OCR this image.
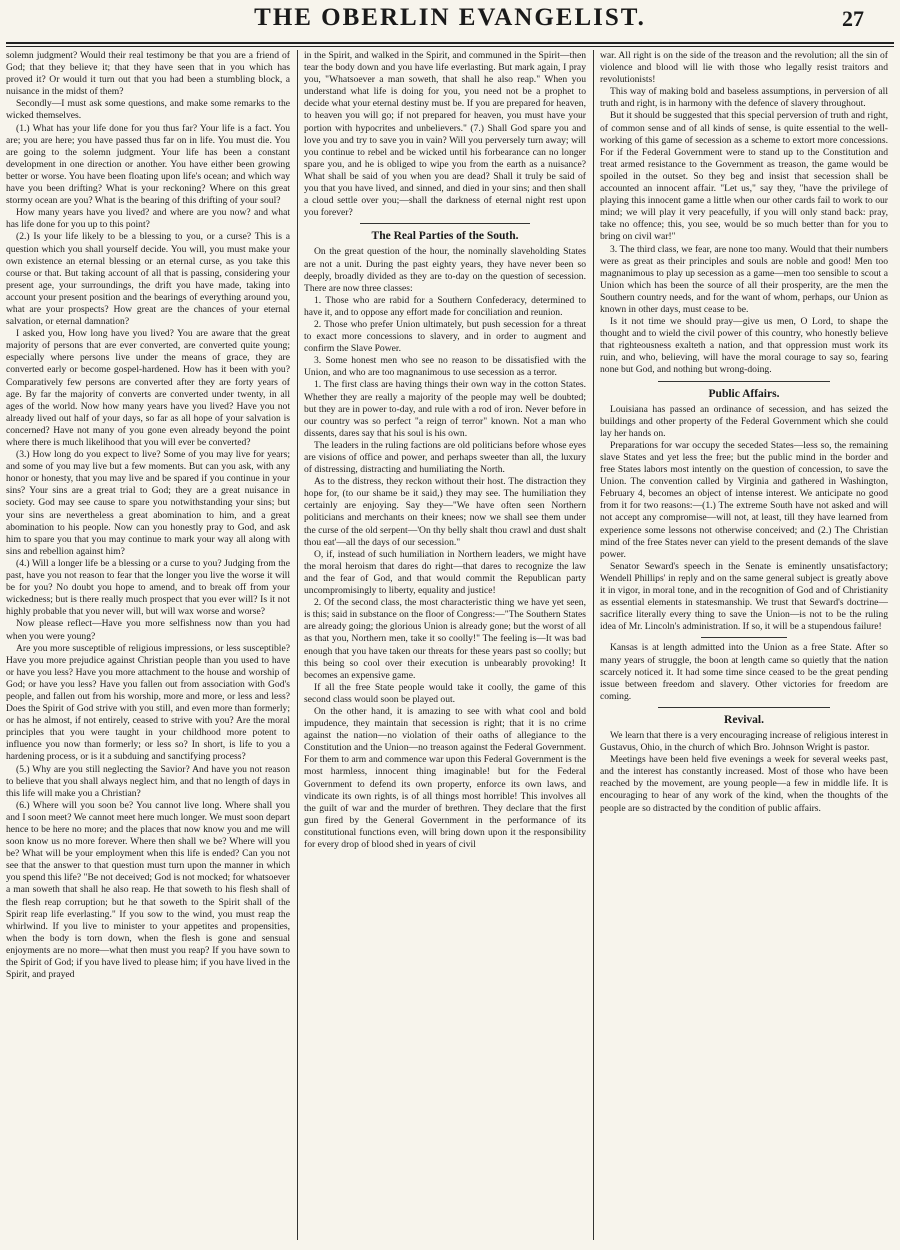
THE OBERLIN EVANGELIST.	27

solemn judgment? Would their real testimony be that you are a friend of God; that they believe it; that they have seen that in you which has proved it? Or would it turn out that you had been a stumbling block, a nuisance in the midst of them?

Secondly—I must ask some questions, and make some remarks to the wicked themselves.

(1.) What has your life done for you thus far? Your life is a fact. You are; you are here; you have passed thus far on in life. You must die. You are going to the solemn judgment. Your life has been a constant development in one direction or another. You have either been growing better or worse. You have been floating upon life's ocean; and which way have you been drifting? What is your reckoning? Where on this great stormy ocean are you? What is the bearing of this drifting of your soul?

How many years have you lived? and where are you now? and what has life done for you up to this point?

(2.) Is your life likely to be a blessing to you, or a curse? This is a question which you shall yourself decide. You will, you must make your own existence an eternal blessing or an eternal curse, as you take this course or that. But taking account of all that is passing, considering your present age, your surroundings, the drift you have made, taking into account your present position and the bearings of everything around you, what are your prospects? How great are the chances of your eternal salvation, or eternal damnation?

I asked you, How long have you lived? You are aware that the great majority of persons that are ever converted, are converted quite young; especially where persons live under the means of grace, they are converted early or become gospel-hardened. How has it been with you? Comparatively few persons are converted after they are forty years of age. By far the majority of converts are converted under twenty, in all ages of the world. Now how many years have you lived? Have you not already lived out half of your days, so far as all hope of your salvation is concerned? Have not many of you gone even already beyond the point where there is much likelihood that you will ever be converted?

(3.) How long do you expect to live? Some of you may live for years; and some of you may live but a few moments. But can you ask, with any honor or honesty, that you may live and be spared if you continue in your sins? Your sins are a great trial to God; they are a great nuisance in society. God may see cause to spare you notwithstanding your sins; but your sins are nevertheless a great abomination to him, and a great abomination to his people. Now can you honestly pray to God, and ask him to spare you that you may continue to mark your way all along with sins and rebellion against him?

(4.) Will a longer life be a blessing or a curse to you? Judging from the past, have you not reason to fear that the longer you live the worse it will be for you? No doubt you hope to amend, and to break off from your wickedness; but is there really much prospect that you ever will? Is it not highly probable that you never will, but will wax worse and worse?

Now please reflect—Have you more selfishness now than you had when you were young?

Are you more susceptible of religious impressions, or less susceptible? Have you more prejudice against Christian people than you used to have or have you less? Have you more attachment to the house and worship of God; or have you less? Have you fallen out from association with God's people, and fallen out from his worship, more and more, or less and less? Does the Spirit of God strive with you still, and even more than formerly; or has he almost, if not entirely, ceased to strive with you? Are the moral principles that you were taught in your childhood more potent to influence you now than formerly; or less so? In short, is life to you a hardening process, or is it a subduing and sanctifying process?

(5.) Why are you still neglecting the Savior? And have you not reason to believe that you shall always neglect him, and that no length of days in this life will make you a Christian?

(6.) Where will you soon be? You cannot live long. Where shall you and I soon meet? We cannot meet here much longer. We must soon depart hence to be here no more; and the places that now know you and me will soon know us no more forever. Where then shall we be? Where will you be? What will be your employment when this life is ended? Can you not see that the answer to that question must turn upon the manner in which you spend this life? "Be not deceived; God is not mocked; for whatsoever a man soweth that shall he also reap. He that soweth to his flesh shall of the flesh reap corruption; but he that soweth to the Spirit shall of the Spirit reap life everlasting." If you sow to the wind, you must reap the whirlwind. If you live to minister to your appetites and propensities, when the body is torn down, when the flesh is gone and sensual enjoyments are no more—what then must you reap? If you have sown to the Spirit of God; if you have lived to please him; if you have lived in the Spirit, and prayed

in the Spirit, and walked in the Spirit, and communed in the Spirit—then tear the body down and you have life everlasting. But mark again, I pray you, "Whatsoever a man soweth, that shall he also reap." When you understand what life is doing for you, you need not be a prophet to decide what your eternal destiny must be. If you are prepared for heaven, to heaven you will go; if not prepared for heaven, you must have your portion with hypocrites and unbelievers." (7.) Shall God spare you and love you and try to save you in vain? Will you perversely turn away; will you continue to rebel and be wicked until his forbearance can no longer spare you, and he is obliged to wipe you from the earth as a nuisance? What shall be said of you when you are dead? Shall it truly be said of you that you have lived, and sinned, and died in your sins; and then shall a cloud settle over you;—shall the darkness of eternal night rest upon you forever?

The Real Parties of the South.

On the great question of the hour, the nominally slaveholding States are not a unit. During the past eighty years, they have never been so deeply, broadly divided as they are to-day on the question of secession. There are now three classes:

1. Those who are rabid for a Southern Confederacy, determined to have it, and to oppose any effort made for conciliation and reunion.

2. Those who prefer Union ultimately, but push secession for a threat to exact more concessions to slavery, and in order to augment and confirm the Slave Power.

3. Some honest men who see no reason to be dissatisfied with the Union, and who are too magnanimous to use secession as a terror.

1. The first class are having things their own way in the cotton States. Whether they are really a majority of the people may well be doubted; but they are in power to-day, and rule with a rod of iron. Never before in our country was so perfect "a reign of terror" known. Not a man who dissents, dares say that his soul is his own.

The leaders in the ruling factions are old politicians before whose eyes are visions of office and power, and perhaps sweeter than all, the luxury of distressing, distracting and humiliating the North.

As to the distress, they reckon without their host. The distraction they hope for, (to our shame be it said,) they may see. The humiliation they certainly are enjoying. Say they—"We have often seen Northern politicians and merchants on their knees; now we shall see them under the curse of the old serpent—'On thy belly shalt thou crawl and dust shalt thou eat'—all the days of our secession."

O, if, instead of such humiliation in Northern leaders, we might have the moral heroism that dares do right—that dares to recognize the law and the fear of God, and that would commit the Republican party uncompromisingly to liberty, equality and justice!

2. Of the second class, the most characteristic thing we have yet seen, is this; said in substance on the floor of Congress:—"The Southern States are already going; the glorious Union is already gone; but the worst of all as that you, Northern men, take it so coolly!" The feeling is—It was bad enough that you have taken our threats for these years past so coolly; but this being so cool over their execution is unbearably provoking! It becomes an expensive game.

If all the free State people would take it coolly, the game of this second class would soon be played out.

On the other hand, it is amazing to see with what cool and bold impudence, they maintain that secession is right; that it is no crime against the nation—no violation of their oaths of allegiance to the Constitution and the Union—no treason against the Federal Government. For them to arm and commence war upon this Federal Government is the most harmless, innocent thing imaginable! but for the Federal Government to defend its own property, enforce its own laws, and vindicate its own rights, is of all things most horrible! This involves all the guilt of war and the murder of brethren. They declare that the first gun fired by the General Government in the performance of its constitutional functions even, will bring down upon it the responsibility for every drop of blood shed in years of civil

war. All right is on the side of the treason and the revolution; all the sin of violence and blood will lie with those who legally resist traitors and revolutionists!

This way of making bold and baseless assumptions, in perversion of all truth and right, is in harmony with the defence of slavery throughout.

But it should be suggested that this special perversion of truth and right, of common sense and of all kinds of sense, is quite essential to the well-working of this game of secession as a scheme to extort more concessions. For if the Federal Government were to stand up to the Constitution and treat armed resistance to the Government as treason, the game would be spoiled in the outset. So they beg and insist that secession shall be accounted an innocent affair. "Let us," say they, "have the privilege of playing this innocent game a little when our other cards fail to work to our mind; we will play it very peacefully, if you will only stand back: pray, take no offence; this, you see, would be so much better than for you to bring on civil war!"

3. The third class, we fear, are none too many. Would that their numbers were as great as their principles and souls are noble and good! Men too magnanimous to play up secession as a game—men too sensible to scout a Union which has been the source of all their prosperity, are the men the Southern country needs, and for the want of whom, perhaps, our Union as known in other days, must cease to be.

Is it not time we should pray—give us men, O Lord, to shape the thought and to wield the civil power of this country, who honestly believe that righteousness exalteth a nation, and that oppression must work its ruin, and who, believing, will have the moral courage to say so, fearing none but God, and nothing but wrong-doing.

Public Affairs.

Louisiana has passed an ordinance of secession, and has seized the buildings and other property of the Federal Government which she could lay her hands on.

Preparations for war occupy the seceded States—less so, the remaining slave States and yet less the free; but the public mind in the border and free States labors most intently on the question of concession, to save the Union. The convention called by Virginia and gathered in Washington, February 4, becomes an object of intense interest. We anticipate no good from it for two reasons:—(1.) The extreme South have not asked and will not accept any compromise—will not, at least, till they have learned from experience some lessons not otherwise conceived; and (2.) The Christian mind of the free States never can yield to the present demands of the slave power.

Senator Seward's speech in the Senate is eminently unsatisfactory; Wendell Phillips' in reply and on the same general subject is greatly above it in vigor, in moral tone, and in the recognition of God and of Christianity as essential elements in statesmanship. We trust that Seward's doctrine—sacrifice literally every thing to save the Union—is not to be the ruling idea of Mr. Lincoln's administration. If so, it will be a stupendous failure!

Kansas is at length admitted into the Union as a free State. After so many years of struggle, the boon at length came so quietly that the nation scarcely noticed it. It had some time since ceased to be the great pending issue between freedom and slavery. Other victories for freedom are coming.

Revival.

We learn that there is a very encouraging increase of religious interest in Gustavus, Ohio, in the church of which Bro. Johnson Wright is pastor.

Meetings have been held five evenings a week for several weeks past, and the interest has constantly increased. Most of those who have been reached by the movement, are young people—a few in middle life. It is encouraging to hear of any work of the kind, when the thoughts of the people are so distracted by the condition of public affairs.
